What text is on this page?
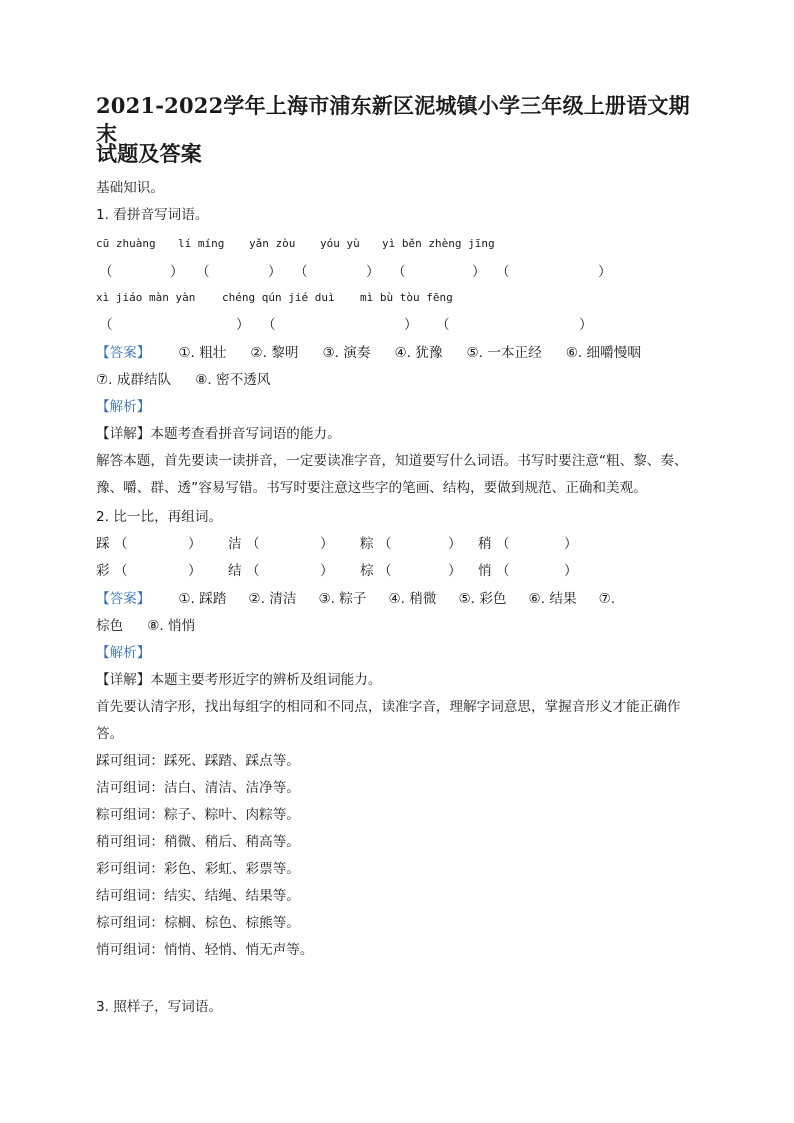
2021-2022学年上海市浦东新区泥城镇小学三年级上册语文期末
试题及答案
基础知识。
1. 看拼音写词语。
cū zhuàng lí míng yǎn zòu yóu yù yì běn zhèng jīng
（	） （	） （	） （	） （	）
xì jiáo màn yàn chéng qún jié duì mì bù tòu fēng
（	） （	） （	）
【答案】 ①. 粗壮 ②. 黎明 ③. 演奏 ④. 犹豫 ⑤. 一本正经 ⑥. 细嚼慢咽
⑦. 成群结队 ⑧. 密不透风
【解析】
【详解】本题考查看拼音写词语的能力。
解答本题，首先要读一读拼音，一定要读准字音，知道要写什么词语。书写时要注意“粗、黎、奏、豫、嚼、群、透”容易写错。书写时要注意这些字的笔画、结构，要做到规范、正确和美观。
2. 比一比，再组词。
踩 （	） 洁 （	） 粽 （	） 稍 （	）
彩 （	） 结 （	） 棕 （	） 悄 （	）
【答案】 ①. 踩踏 ②. 清洁 ③. 粽子 ④. 稍微 ⑤. 彩色 ⑥. 结果 ⑦.
棕色 ⑧. 悄悄
【解析】
【详解】本题主要考形近字的辨析及组词能力。
首先要认清字形，找出每组字的相同和不同点，读准字音，理解字词意思，掌握音形义才能正确作答。
踩可组词：踩死、踩踏、踩点等。
洁可组词：洁白、清洁、洁净等。
粽可组词：粽子、粽叶、肉粽等。
稍可组词：稍微、稍后、稍高等。
彩可组词：彩色、彩虹、彩票等。
结可组词：结实、结绳、结果等。
棕可组词：棕榈、棕色、棕熊等。
悄可组词：悄悄、轻悄、悄无声等。
3. 照样子，写词语。
